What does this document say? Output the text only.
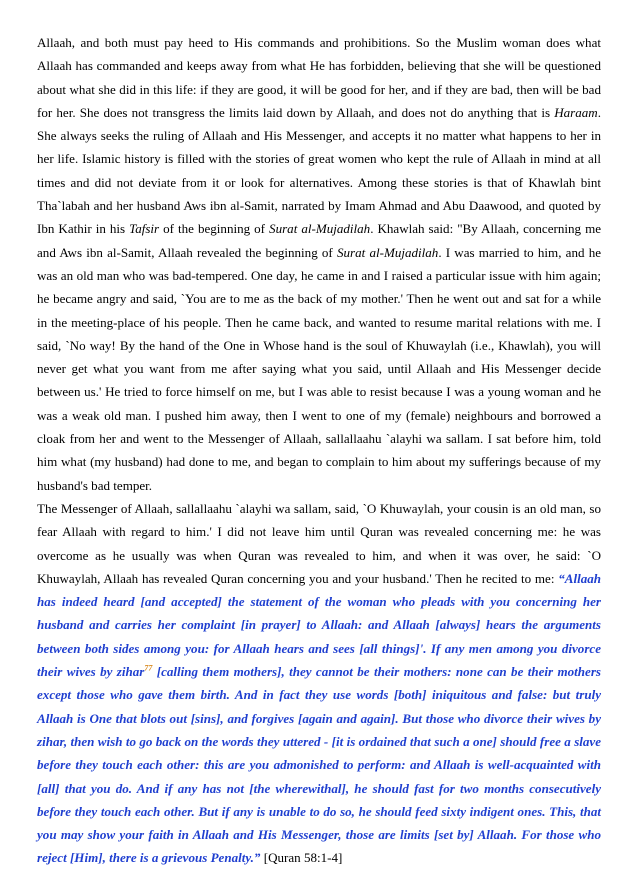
Allaah, and both must pay heed to His commands and prohibitions. So the Muslim woman does what Allaah has commanded and keeps away from what He has forbidden, believing that she will be questioned about what she did in this life: if they are good, it will be good for her, and if they are bad, then will be bad for her. She does not transgress the limits laid down by Allaah, and does not do anything that is Haraam. She always seeks the ruling of Allaah and His Messenger, and accepts it no matter what happens to her in her life. Islamic history is filled with the stories of great women who kept the rule of Allaah in mind at all times and did not deviate from it or look for alternatives. Among these stories is that of Khawlah bint Tha`labah and her husband Aws ibn al-Samit, narrated by Imam Ahmad and Abu Daawood, and quoted by Ibn Kathir in his Tafsir of the beginning of Surat al-Mujadilah. Khawlah said: "By Allaah, concerning me and Aws ibn al-Samit, Allaah revealed the beginning of Surat al-Mujadilah. I was married to him, and he was an old man who was bad-tempered. One day, he came in and I raised a particular issue with him again; he became angry and said, `You are to me as the back of my mother.' Then he went out and sat for a while in the meeting-place of his people. Then he came back, and wanted to resume marital relations with me. I said, `No way! By the hand of the One in Whose hand is the soul of Khuwaylah (i.e., Khawlah), you will never get what you want from me after saying what you said, until Allaah and His Messenger decide between us.' He tried to force himself on me, but I was able to resist because I was a young woman and he was a weak old man. I pushed him away, then I went to one of my (female) neighbours and borrowed a cloak from her and went to the Messenger of Allaah, sallallaahu `alayhi wa sallam. I sat before him, told him what (my husband) had done to me, and began to complain to him about my sufferings because of my husband's bad temper.

The Messenger of Allaah, sallallaahu `alayhi wa sallam, said, `O Khuwaylah, your cousin is an old man, so fear Allaah with regard to him.' I did not leave him until Quran was revealed concerning me: he was overcome as he usually was when Quran was revealed to him, and when it was over, he said: `O Khuwaylah, Allaah has revealed Quran concerning you and your husband.' Then he recited to me: “Allaah has indeed heard [and accepted] the statement of the woman who pleads with you concerning her husband and carries her complaint [in prayer] to Allaah: and Allaah [always] hears the arguments between both sides among you: for Allaah hears and sees [all things]'. If any men among you divorce their wives by zihar$^{77}$ [calling them mothers], they cannot be their mothers: none can be their mothers except those who gave them birth. And in fact they use words [both] iniquitous and false: but truly Allaah is One that blots out [sins], and forgives [again and again]. But those who divorce their wives by zihar, then wish to go back on the words they uttered - [it is ordained that such a one] should free a slave before they touch each other: this are you admonished to perform: and Allaah is well-acquainted with [all] that you do. And if any has not [the wherewithal], he should fast for two months consecutively before they touch each other. But if any is unable to do so, he should feed sixty indigent ones. This, that you may show your faith in Allaah and His Messenger, those are limits [set by] Allaah. For those who reject [Him], there is a grievous Penalty.” [Quran 58:1-4]
